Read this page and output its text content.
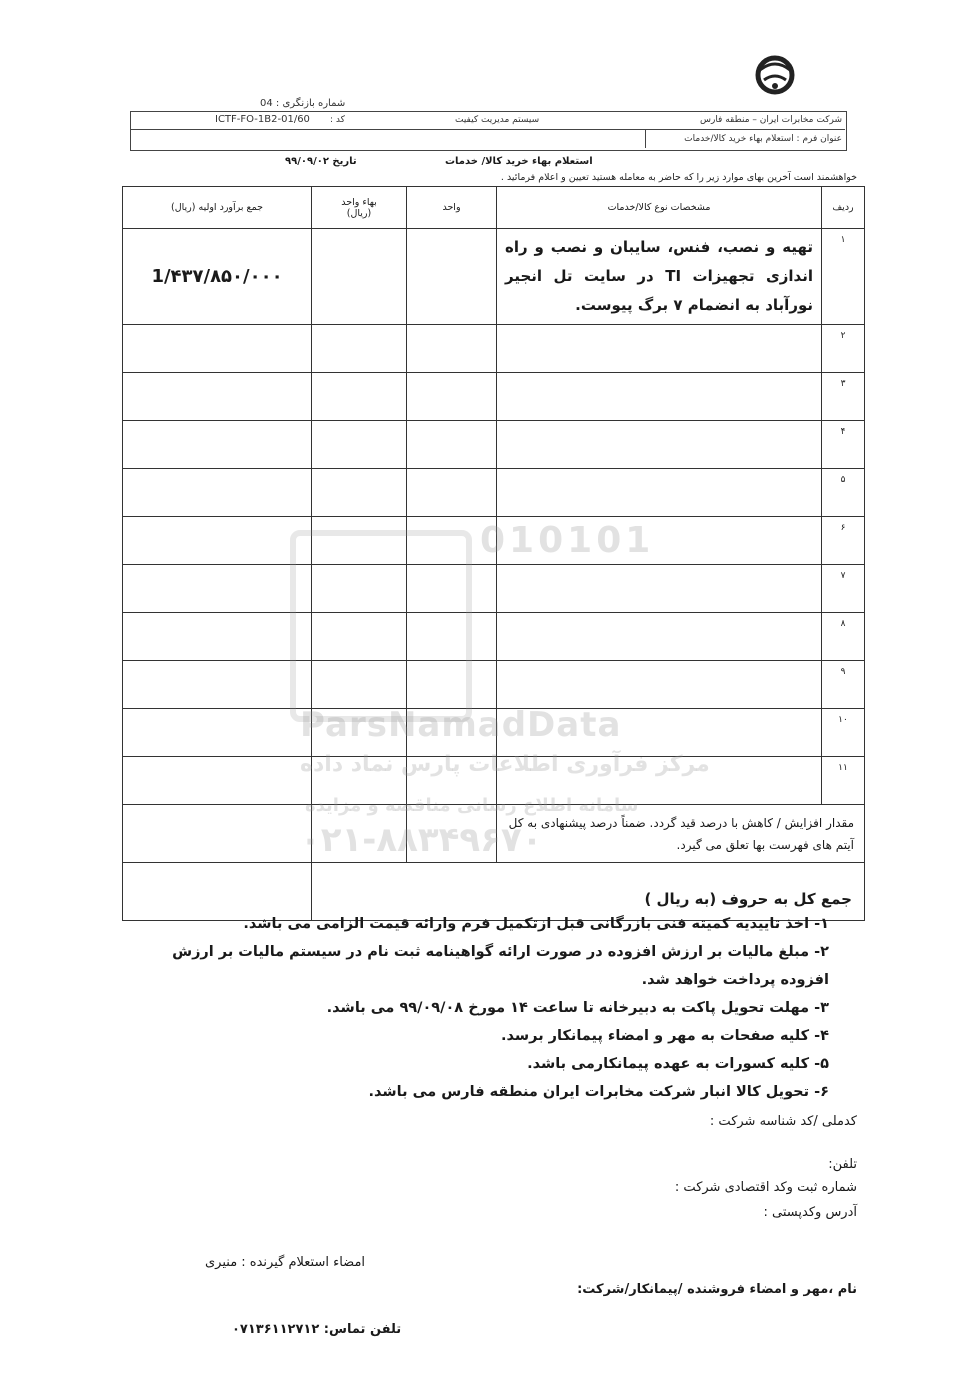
شماره بازنگری : 04
شرکت مخابرات ایران – منطقه فارس
سیستم مدیریت کیفیت
کد :
ICTF-FO-1B2-01/60
عنوان فرم : استعلام بهاء خرید کالا/خدمات
استعلام بهاء خرید کالا/ خدمات
تاریخ ۹۹/۰۹/۰۲
خواهشمند است آخرین بهای موارد زیر را که حاضر به معامله هستید تعیین و اعلام فرمائید .
ردیف	مشخصات نوع کالا/خدمات	واحد	بهاء واحد
(ریال)	جمع برآورد اولیه (ریال)
۱	تهیه و نصب، فنس، سایبان و نصب و راه اندازی تجهیزات TI در سایت تل انجیر نورآباد به انضمام ۷ برگ پیوست.			1/۴۳۷/۸۵۰/۰۰۰
۲				
۳				
۴				
۵				
۶				
۷				
۸				
۹				
۱۰				
۱۱				
مقدار افزایش / کاهش با درصد قید گردد. ضمناً درصد پیشنهادی به کل آیتم های فهرست بها تعلق می گیرد.				
جمع کل به حروف (به ریال )				
010101
ParsNamadData
مرکز فرآوری اطلاعات پارس نماد داده
سامانه اطلاع رسانی مناقصه و مزایده
۰۲۱-۸۸۳۴۹۶۷۰
۱- اخذ تاییدیه کمیته فنی بازرگانی قبل ازتکمیل فرم وارائه قیمت الزامی می باشد.
۲- مبلغ مالیات بر ارزش افزوده در صورت ارائه گواهینامه ثبت نام در سیستم مالیات بر ارزش افزوده پرداخت خواهد شد.
۳- مهلت تحویل پاکت به دبیرخانه تا ساعت ۱۴ مورخ ۹۹/۰۹/۰۸ می باشد.
۴- کلیه صفحات به مهر و امضاء پیمانکار برسد.
۵- کلیه کسورات به عهده پیمانکارمی باشد.
۶- تحویل کالا انبار شرکت مخابرات ایران منطقه فارس می باشد.
کدملی /کد شناسه شرکت :
تلفن:
شماره ثبت وکد اقتصادی شرکت :
آدرس وکدپستی :
امضاء استعلام گیرنده : منیری
نام ،مهر و امضاء فروشنده /پیمانکار/شرکت:
تلفن تماس: ۰۷۱۳۶۱۱۲۷۱۲
